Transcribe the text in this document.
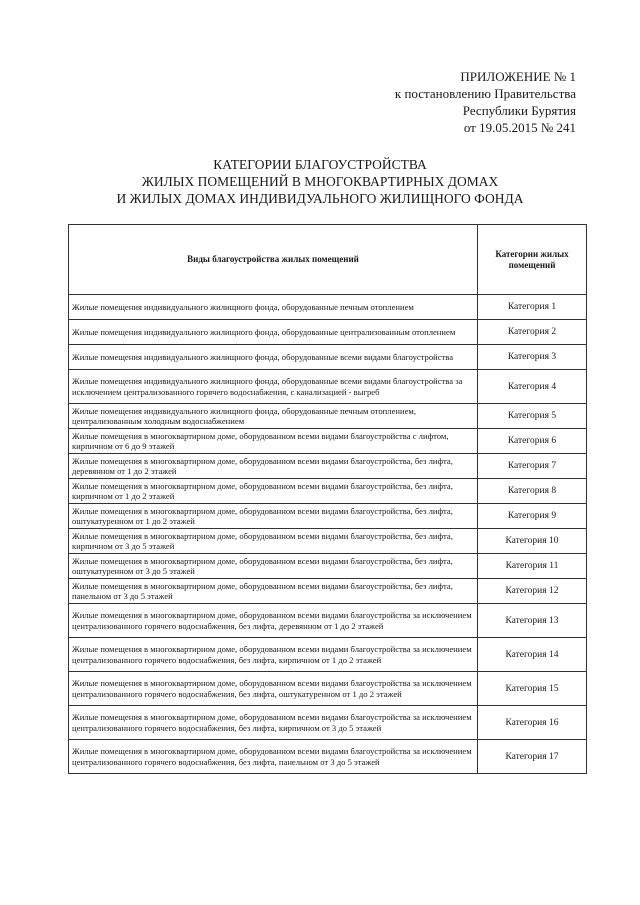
ПРИЛОЖЕНИЕ № 1
к постановлению Правительства
Республики Бурятия
от 19.05.2015 № 241
КАТЕГОРИИ БЛАГОУСТРОЙСТВА
ЖИЛЫХ ПОМЕЩЕНИЙ В МНОГОКВАРТИРНЫХ ДОМАХ
И ЖИЛЫХ ДОМАХ ИНДИВИДУАЛЬНОГО ЖИЛИЩНОГО ФОНДА
Виды благоустройства жилых помещений	Категории жилых помещений
Жилые помещения индивидуального жилищного фонда, оборудованные печным отоплением	Категория 1
Жилые помещения индивидуального жилищного фонда, оборудованные централизованным отоплением	Категория 2
Жилые помещения индивидуального жилищного фонда, оборудованные всеми видами благоустройства	Категория 3
Жилые помещения индивидуального жилищного фонда, оборудованные всеми видами благоустройства за исключением централизованного горячего водоснабжения, с канализацией - выгреб	Категория 4
Жилые помещения индивидуального жилищного фонда, оборудованные печным отоплением, централизованным холодным водоснабжением	Категория 5
Жилые помещения в многоквартирном доме, оборудованном всеми видами благоустройства с лифтом, кирпичном от 6 до 9 этажей	Категория 6
Жилые помещения в многоквартирном доме, оборудованном всеми видами благоустройства, без лифта, деревянном от 1 до 2 этажей	Категория 7
Жилые помещения в многоквартирном доме, оборудованном всеми видами благоустройства, без лифта, кирпичном от 1 до 2 этажей	Категория 8
Жилые помещения в многоквартирном доме, оборудованном всеми видами благоустройства, без лифта, оштукатуренном от 1 до 2 этажей	Категория 9
Жилые помещения в многоквартирном доме, оборудованном всеми видами благоустройства, без лифта, кирпичном от 3 до 5 этажей	Категория 10
Жилые помещения в многоквартирном доме, оборудованном всеми видами благоустройства, без лифта, оштукатуренном от 3 до 5 этажей	Категория 11
Жилые помещения в многоквартирном доме, оборудованном всеми видами благоустройства, без лифта, панельном от 3 до 5 этажей	Категория 12
Жилые помещения в многоквартирном доме, оборудованном всеми видами благоустройства за исключением централизованного горячего водоснабжения, без лифта, деревянном от 1 до 2 этажей	Категория 13
Жилые помещения в многоквартирном доме, оборудованном всеми видами благоустройства за исключением централизованного горячего водоснабжения, без лифта, кирпичном от 1 до 2 этажей	Категория 14
Жилые помещения в многоквартирном доме, оборудованном всеми видами благоустройства за исключением централизованного горячего водоснабжения, без лифта, оштукатуренном от 1 до 2 этажей	Категория 15
Жилые помещения в многоквартирном доме, оборудованном всеми видами благоустройства за исключением централизованного горячего водоснабжения, без лифта, кирпичном от 3 до 5 этажей	Категория 16
Жилые помещения в многоквартирном доме, оборудованном всеми видами благоустройства за исключением централизованного горячего водоснабжения, без лифта, панельном от 3 до 5 этажей	Категория 17
